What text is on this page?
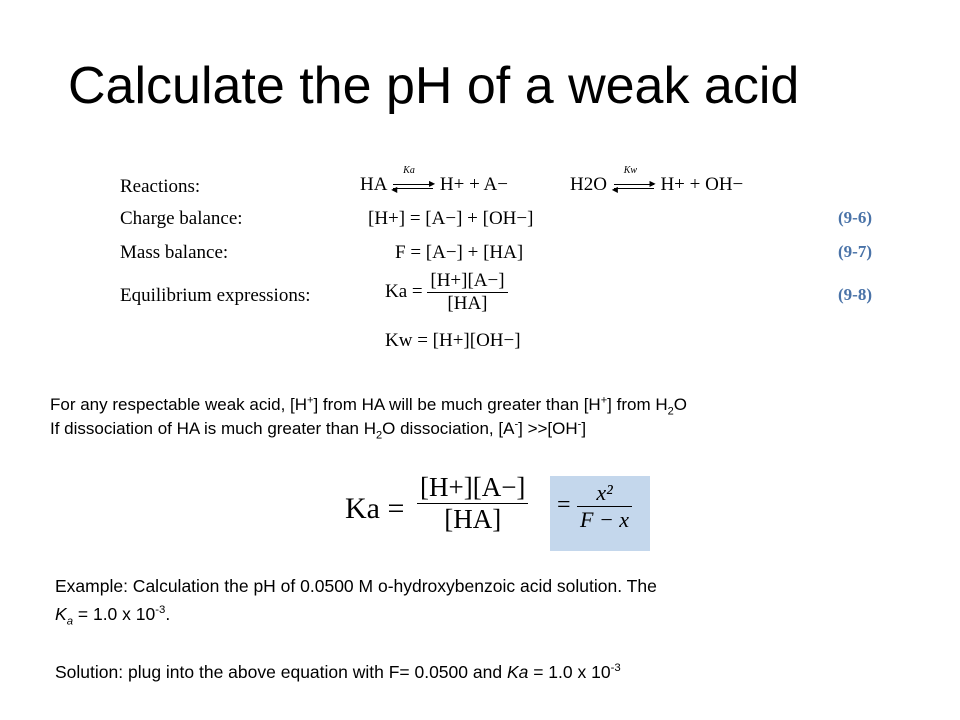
Calculate the pH of a weak acid
Reactions:
Charge balance:
Mass balance:
Equilibrium expressions:
HA
Ka
▶
◀ H+ + A−	H2O
Kw
▶
◀ H+ + OH−
[H+] = [A−] + [OH−]
F = [A−] + [HA]
$Ka = \frac{[H+][A-]}{[HA]}$
Kw = [H+][OH−]
(9-6)
(9-7)
(9-8)
For any respectable weak acid, [H+] from HA will be much greater than [H+] from $H_2O$
If dissociation of HA is much greater than $H_2O$ dissociation, [A-] >>[OH-]
$Ka = \frac{[H+][A-]}{[HA]} = \frac{\text{x²}}{F - x}$
Example: Calculation the pH of 0.0500 M o-hydroxybenzoic acid solution. The
$K_a = 1.0$ x $10^{-3}$.
Solution: plug into the above equation with F= 0.0500 and Ka = 1.0 x $10^{-3}$
